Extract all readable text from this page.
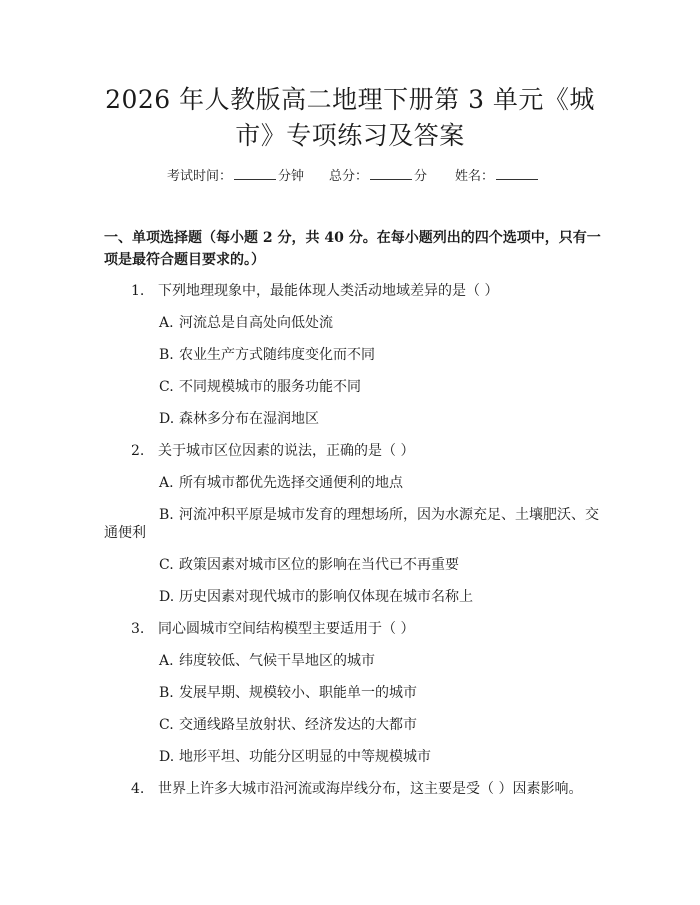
2026 年人教版高二地理下册第 3 单元《城
市》专项练习及答案
考试时间：	分钟 总分：	分 姓名：
一、单项选择题（每小题 2 分，共 40 分。在每小题列出的四个选项中，只有一项是最符合题目要求的。）
1. 下列地理现象中，最能体现人类活动地域差异的是（ ）
A. 河流总是自高处向低处流
B. 农业生产方式随纬度变化而不同
C. 不同规模城市的服务功能不同
D. 森林多分布在湿润地区
2. 关于城市区位因素的说法，正确的是（ ）
A. 所有城市都优先选择交通便利的地点
B. 河流冲积平原是城市发育的理想场所，因为水源充足、土壤肥沃、交
通便利
C. 政策因素对城市区位的影响在当代已不再重要
D. 历史因素对现代城市的影响仅体现在城市名称上
3. 同心圆城市空间结构模型主要适用于（ ）
A. 纬度较低、气候干旱地区的城市
B. 发展早期、规模较小、职能单一的城市
C. 交通线路呈放射状、经济发达的大都市
D. 地形平坦、功能分区明显的中等规模城市
4. 世界上许多大城市沿河流或海岸线分布，这主要是受（ ）因素影响。
